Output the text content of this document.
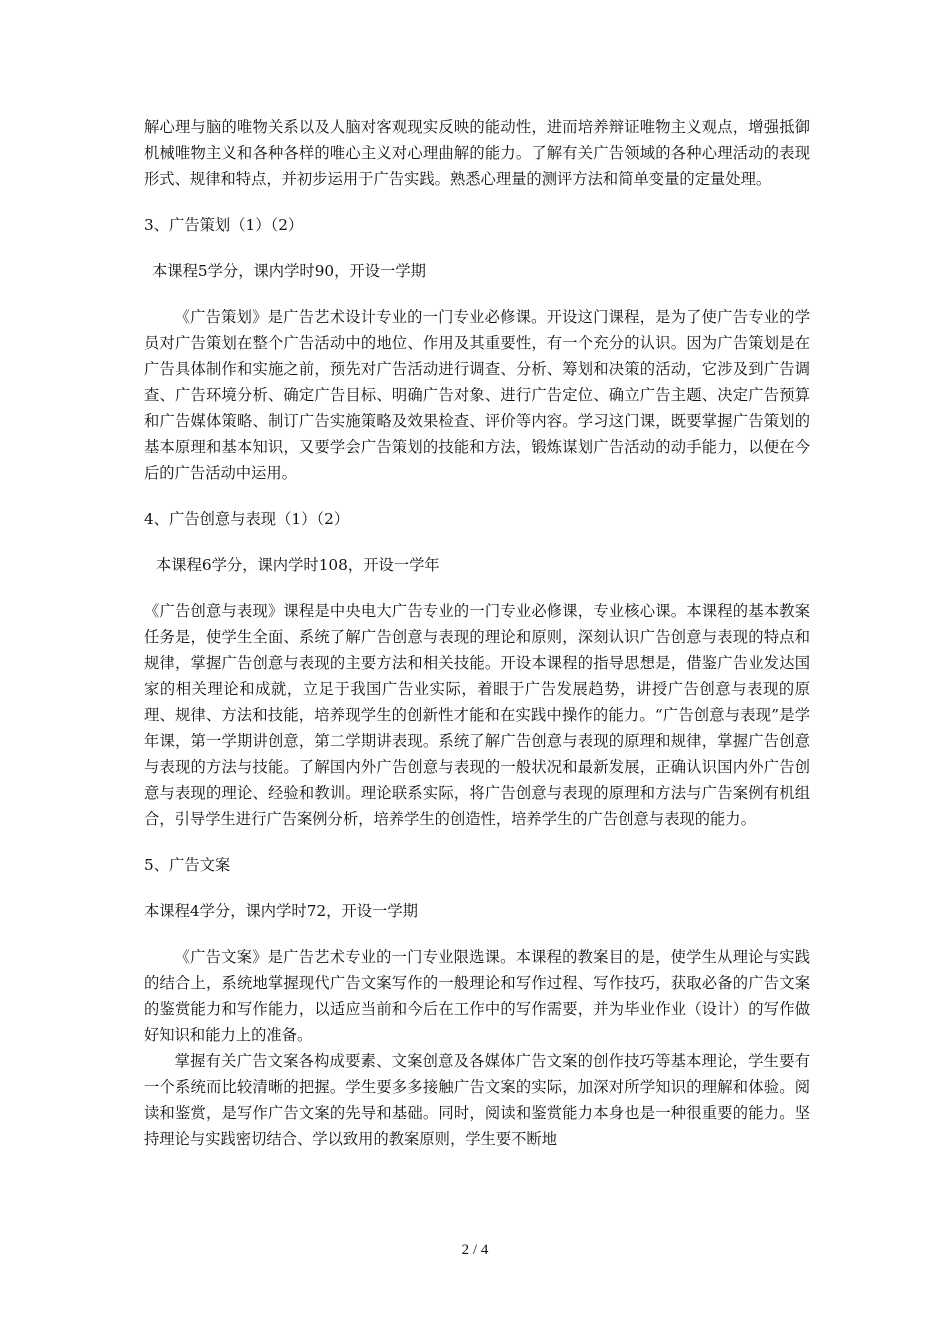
解心理与脑的唯物关系以及人脑对客观现实反映的能动性，进而培养辩证唯物主义观点，增强抵御机械唯物主义和各种各样的唯心主义对心理曲解的能力。了解有关广告领域的各种心理活动的表现形式、规律和特点，并初步运用于广告实践。熟悉心理量的测评方法和简单变量的定量处理。

3、广告策划（1）（2）

本课程5学分，课内学时90，开设一学期

《广告策划》是广告艺术设计专业的一门专业必修课。开设这门课程，是为了使广告专业的学员对广告策划在整个广告活动中的地位、作用及其重要性，有一个充分的认识。因为广告策划是在广告具体制作和实施之前，预先对广告活动进行调查、分析、筹划和决策的活动，它涉及到广告调查、广告环境分析、确定广告目标、明确广告对象、进行广告定位、确立广告主题、决定广告预算和广告媒体策略、制订广告实施策略及效果检查、评价等内容。学习这门课，既要掌握广告策划的基本原理和基本知识，又要学会广告策划的技能和方法，锻炼谋划广告活动的动手能力，以便在今后的广告活动中运用。

4、广告创意与表现（1）（2）

本课程6学分，课内学时108，开设一学年

《广告创意与表现》课程是中央电大广告专业的一门专业必修课，专业核心课。本课程的基本教案任务是，使学生全面、系统了解广告创意与表现的理论和原则，深刻认识广告创意与表现的特点和规律，掌握广告创意与表现的主要方法和相关技能。开设本课程的指导思想是，借鉴广告业发达国家的相关理论和成就，立足于我国广告业实际，着眼于广告发展趋势，讲授广告创意与表现的原理、规律、方法和技能，培养现学生的创新性才能和在实践中操作的能力。“广告创意与表现”是学年课，第一学期讲创意，第二学期讲表现。系统了解广告创意与表现的原理和规律，掌握广告创意与表现的方法与技能。了解国内外广告创意与表现的一般状况和最新发展，正确认识国内外广告创意与表现的理论、经验和教训。理论联系实际，将广告创意与表现的原理和方法与广告案例有机组合，引导学生进行广告案例分析，培养学生的创造性，培养学生的广告创意与表现的能力。

5、广告文案

本课程4学分，课内学时72，开设一学期

《广告文案》是广告艺术专业的一门专业限选课。本课程的教案目的是，使学生从理论与实践的结合上，系统地掌握现代广告文案写作的一般理论和写作过程、写作技巧，获取必备的广告文案的鉴赏能力和写作能力，以适应当前和今后在工作中的写作需要，并为毕业作业（设计）的写作做好知识和能力上的准备。

掌握有关广告文案各构成要素、文案创意及各媒体广告文案的创作技巧等基本理论，学生要有一个系统而比较清晰的把握。学生要多多接触广告文案的实际，加深对所学知识的理解和体验。阅读和鉴赏，是写作广告文案的先导和基础。同时，阅读和鉴赏能力本身也是一种很重要的能力。坚持理论与实践密切结合、学以致用的教案原则，学生要不断地

2 / 4
